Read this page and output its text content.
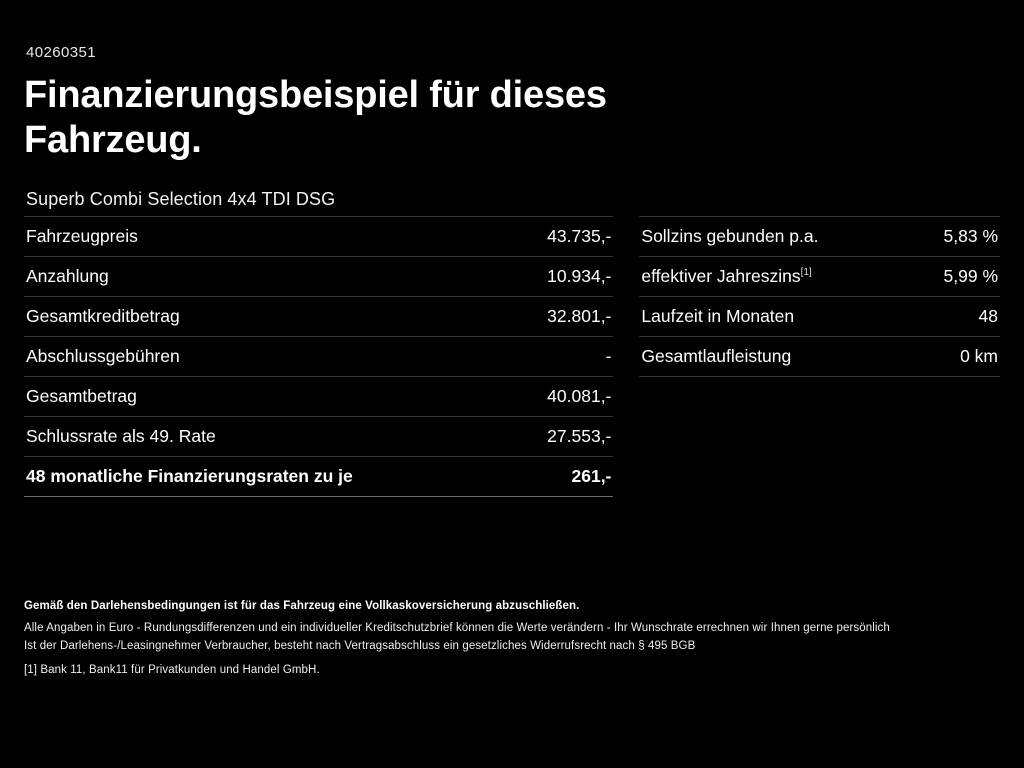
40260351
Finanzierungsbeispiel für dieses Fahrzeug.
Superb Combi Selection 4x4 TDI DSG
Fahrzeugpreis	43.735,-
Anzahlung	10.934,-
Gesamtkreditbetrag	32.801,-
Abschlussgebühren	-
Gesamtbetrag	40.081,-
Schlussrate als 49. Rate	27.553,-
48 monatliche Finanzierungsraten zu je	261,-
Sollzins gebunden p.a.	5,83 %
effektiver Jahreszins[1]	5,99 %
Laufzeit in Monaten	48
Gesamtlaufleistung	0 km

Gemäß den Darlehensbedingungen ist für das Fahrzeug eine Vollkaskoversicherung abzuschließen.

Alle Angaben in Euro - Rundungsdifferenzen und ein individueller Kreditschutzbrief können die Werte verändern - Ihr Wunschrate errechnen wir Ihnen gerne persönlich

Ist der Darlehens-/Leasingnehmer Verbraucher, besteht nach Vertragsabschluss ein gesetzliches Widerrufsrecht nach § 495 BGB

[1] Bank 11, Bank11 für Privatkunden und Handel GmbH.
